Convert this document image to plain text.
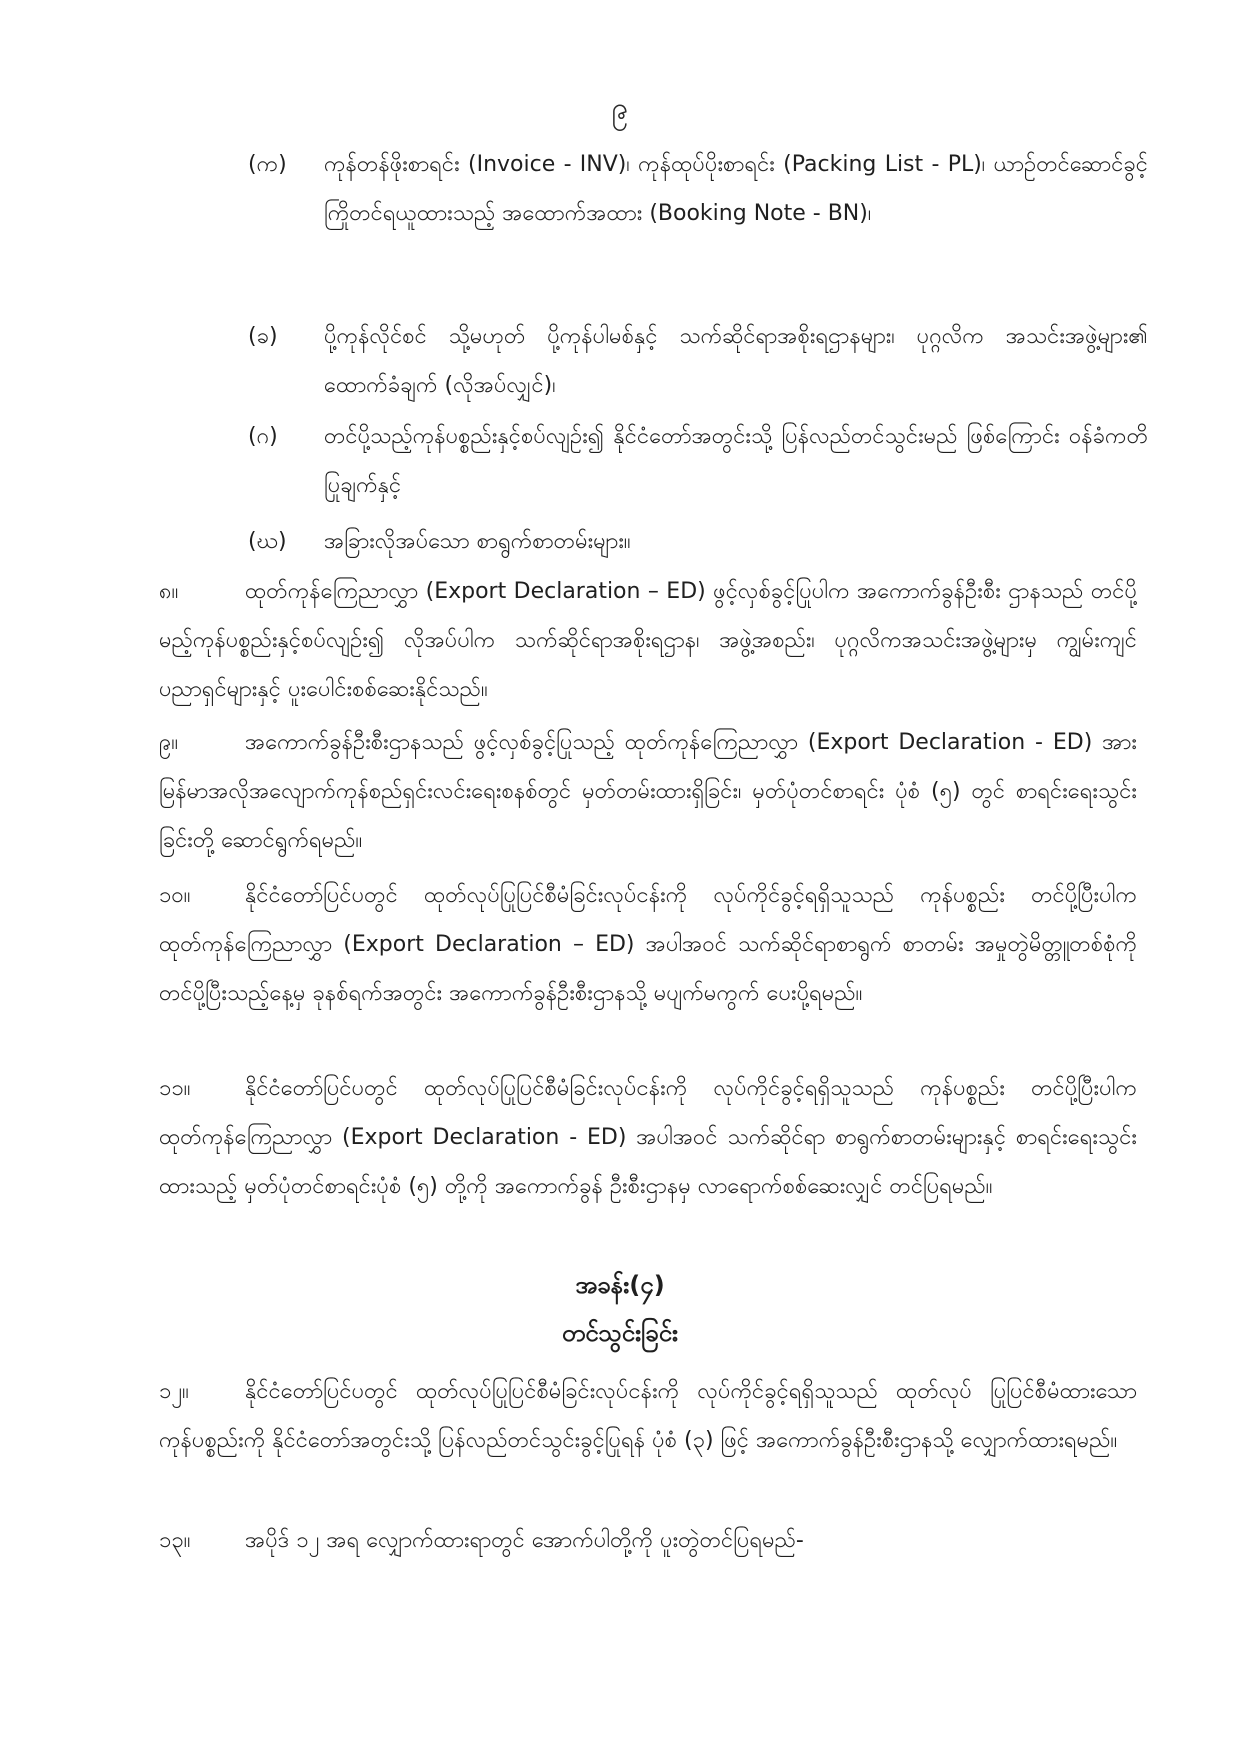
၉
(က)	ကုန်တန်ဖိုးစာရင်း (Invoice - INV)၊ ကုန်ထုပ်ပိုးစာရင်း (Packing List - PL)၊ ယာဉ်တင်ဆောင်ခွင့် ကြိုတင်ရယူထားသည့် အထောက်အထား (Booking Note - BN)၊
(ခ)	ပို့ကုန်လိုင်စင် သို့မဟုတ် ပို့ကုန်ပါမစ်နှင့် သက်ဆိုင်ရာအစိုးရဌာနများ၊ ပုဂ္ဂလိက အသင်းအဖွဲ့များ၏ ထောက်ခံချက် (လိုအပ်လျှင်)၊
(ဂ)	တင်ပို့သည့်ကုန်ပစ္စည်းနှင့်စပ်လျဉ်း၍ နိုင်ငံတော်အတွင်းသို့ ပြန်လည်တင်သွင်းမည် ဖြစ်ကြောင်း ဝန်ခံကတိပြုချက်နှင့်
(ဃ)	အခြားလိုအပ်သော စာရွက်စာတမ်းများ။
၈။	ထုတ်ကုန်ကြေညာလွှာ (Export Declaration – ED) ဖွင့်လှစ်ခွင့်ပြုပါက အကောက်ခွန်ဦးစီး ဌာနသည် တင်ပို့မည့်ကုန်ပစ္စည်းနှင့်စပ်လျဉ်း၍ လိုအပ်ပါက သက်ဆိုင်ရာအစိုးရဌာန၊ အဖွဲ့အစည်း၊ ပုဂ္ဂလိကအသင်းအဖွဲ့များမှ ကျွမ်းကျင်ပညာရှင်များနှင့် ပူးပေါင်းစစ်ဆေးနိုင်သည်။
၉။	အကောက်ခွန်ဦးစီးဌာနသည် ဖွင့်လှစ်ခွင့်ပြုသည့် ထုတ်ကုန်ကြေညာလွှာ (Export Declaration - ED) အား မြန်မာအလိုအလျောက်ကုန်စည်ရှင်းလင်းရေးစနစ်တွင် မှတ်တမ်းထားရှိခြင်း၊ မှတ်ပုံတင်စာရင်း ပုံစံ (၅) တွင် စာရင်းရေးသွင်းခြင်းတို့ ဆောင်ရွက်ရမည်။
၁၀။ နိုင်ငံတော်ပြင်ပတွင် ထုတ်လုပ်ပြုပြင်စီမံခြင်းလုပ်ငန်းကို လုပ်ကိုင်ခွင့်ရရှိသူသည် ကုန်ပစ္စည်း တင်ပို့ပြီးပါက ထုတ်ကုန်ကြေညာလွှာ (Export Declaration – ED) အပါအဝင် သက်ဆိုင်ရာစာရွက် စာတမ်း အမှုတွဲမိတ္တူတစ်စုံကို တင်ပို့ပြီးသည့်နေ့မှ ခုနစ်ရက်အတွင်း အကောက်ခွန်ဦးစီးဌာနသို့ မပျက်မကွက် ပေးပို့ရမည်။
၁၁။ နိုင်ငံတော်ပြင်ပတွင် ထုတ်လုပ်ပြုပြင်စီမံခြင်းလုပ်ငန်းကို လုပ်ကိုင်ခွင့်ရရှိသူသည် ကုန်ပစ္စည်း တင်ပို့ပြီးပါက ထုတ်ကုန်ကြေညာလွှာ (Export Declaration - ED) အပါအဝင် သက်ဆိုင်ရာ စာရွက်စာတမ်းများနှင့် စာရင်းရေးသွင်းထားသည့် မှတ်ပုံတင်စာရင်းပုံစံ (၅) တို့ကို အကောက်ခွန် ဦးစီးဌာနမှ လာရောက်စစ်ဆေးလျှင် တင်ပြရမည်။
အခန်း(၄)
တင်သွင်းခြင်း
၁၂။	နိုင်ငံတော်ပြင်ပတွင် ထုတ်လုပ်ပြုပြင်စီမံခြင်းလုပ်ငန်းကို လုပ်ကိုင်ခွင့်ရရှိသူသည် ထုတ်လုပ် ပြုပြင်စီမံထားသောကုန်ပစ္စည်းကို နိုင်ငံတော်အတွင်းသို့ ပြန်လည်တင်သွင်းခွင့်ပြုရန် ပုံစံ (၃) ဖြင့် အကောက်ခွန်ဦးစီးဌာနသို့ လျှောက်ထားရမည်။
၁၃။ အပိုဒ် ၁၂ အရ လျှောက်ထားရာတွင် အောက်ပါတို့ကို ပူးတွဲတင်ပြရမည်-
